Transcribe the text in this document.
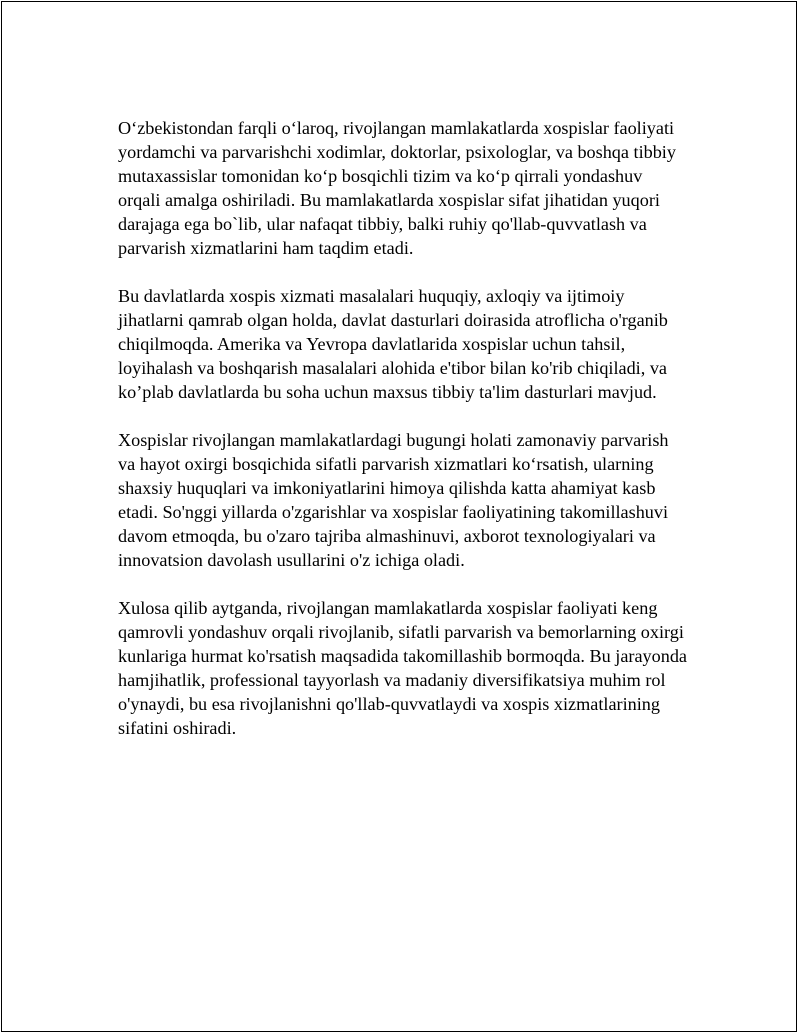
O‘zbekistondan farqli o‘laroq, rivojlangan mamlakatlarda xospislar faoliyati yordamchi va parvarishchi xodimlar, doktorlar, psixologlar, va boshqa tibbiy mutaxassislar tomonidan ko‘p bosqichli tizim va ko‘p qirrali yondashuv orqali amalga oshiriladi. Bu mamlakatlarda xospislar sifat jihatidan yuqori darajaga ega bo`lib, ular nafaqat tibbiy, balki ruhiy qo'llab-quvvatlash va parvarish xizmatlarini ham taqdim etadi.

Bu davlatlarda xospis xizmati masalalari huquqiy, axloqiy va ijtimoiy jihatlarni qamrab olgan holda, davlat dasturlari doirasida atroflicha o'rganib chiqilmoqda. Amerika va Yevropa davlatlarida xospislar uchun tahsil, loyihalash va boshqarish masalalari alohida e'tibor bilan ko'rib chiqiladi, va ko’plab davlatlarda bu soha uchun maxsus tibbiy ta'lim dasturlari mavjud.

Xospislar rivojlangan mamlakatlardagi bugungi holati zamonaviy parvarish va hayot oxirgi bosqichida sifatli parvarish xizmatlari ko‘rsatish, ularning shaxsiy huquqlari va imkoniyatlarini himoya qilishda katta ahamiyat kasb etadi. So'nggi yillarda o'zgarishlar va xospislar faoliyatining takomillashuvi davom etmoqda, bu o'zaro tajriba almashinuvi, axborot texnologiyalari va innovatsion davolash usullarini o'z ichiga oladi.

Xulosa qilib aytganda, rivojlangan mamlakatlarda xospislar faoliyati keng qamrovli yondashuv orqali rivojlanib, sifatli parvarish va bemorlarning oxirgi kunlariga hurmat ko'rsatish maqsadida takomillashib bormoqda. Bu jarayonda hamjihatlik, professional tayyorlash va madaniy diversifikatsiya muhim rol o'ynaydi, bu esa rivojlanishni qo'llab-quvvatlaydi va xospis xizmatlarining sifatini oshiradi.
